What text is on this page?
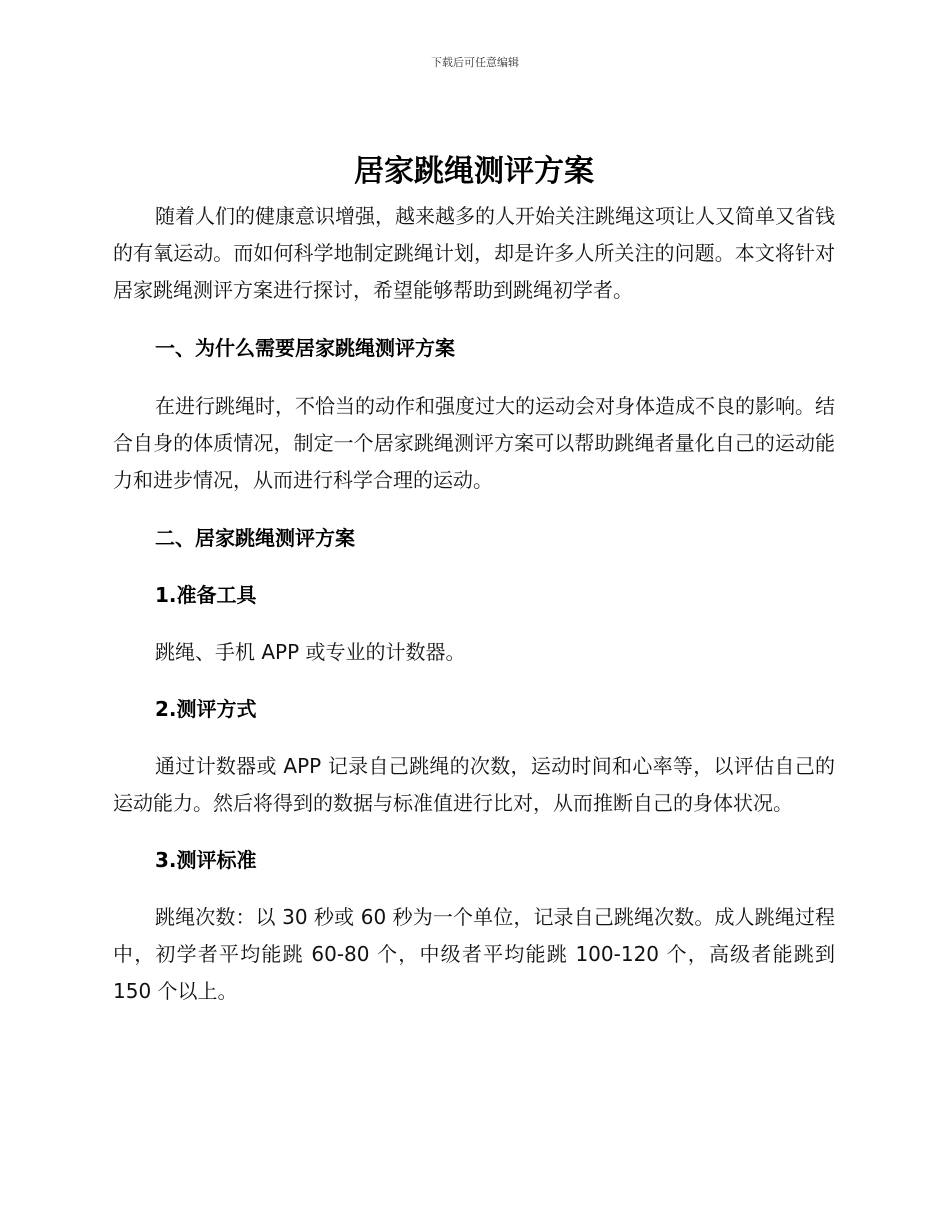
下载后可任意编辑
居家跳绳测评方案

随着人们的健康意识增强，越来越多的人开始关注跳绳这项让人又简单又省钱的有氧运动。而如何科学地制定跳绳计划，却是许多人所关注的问题。本文将针对居家跳绳测评方案进行探讨，希望能够帮助到跳绳初学者。

一、为什么需要居家跳绳测评方案

在进行跳绳时，不恰当的动作和强度过大的运动会对身体造成不良的影响。结合自身的体质情况，制定一个居家跳绳测评方案可以帮助跳绳者量化自己的运动能力和进步情况，从而进行科学合理的运动。

二、居家跳绳测评方案

1.准备工具

跳绳、手机 APP 或专业的计数器。

2.测评方式

通过计数器或 APP 记录自己跳绳的次数，运动时间和心率等，以评估自己的运动能力。然后将得到的数据与标准值进行比对，从而推断自己的身体状况。

3.测评标准

跳绳次数：以 30 秒或 60 秒为一个单位，记录自己跳绳次数。成人跳绳过程中，初学者平均能跳 60-80 个，中级者平均能跳 100-120 个，高级者能跳到 150 个以上。
